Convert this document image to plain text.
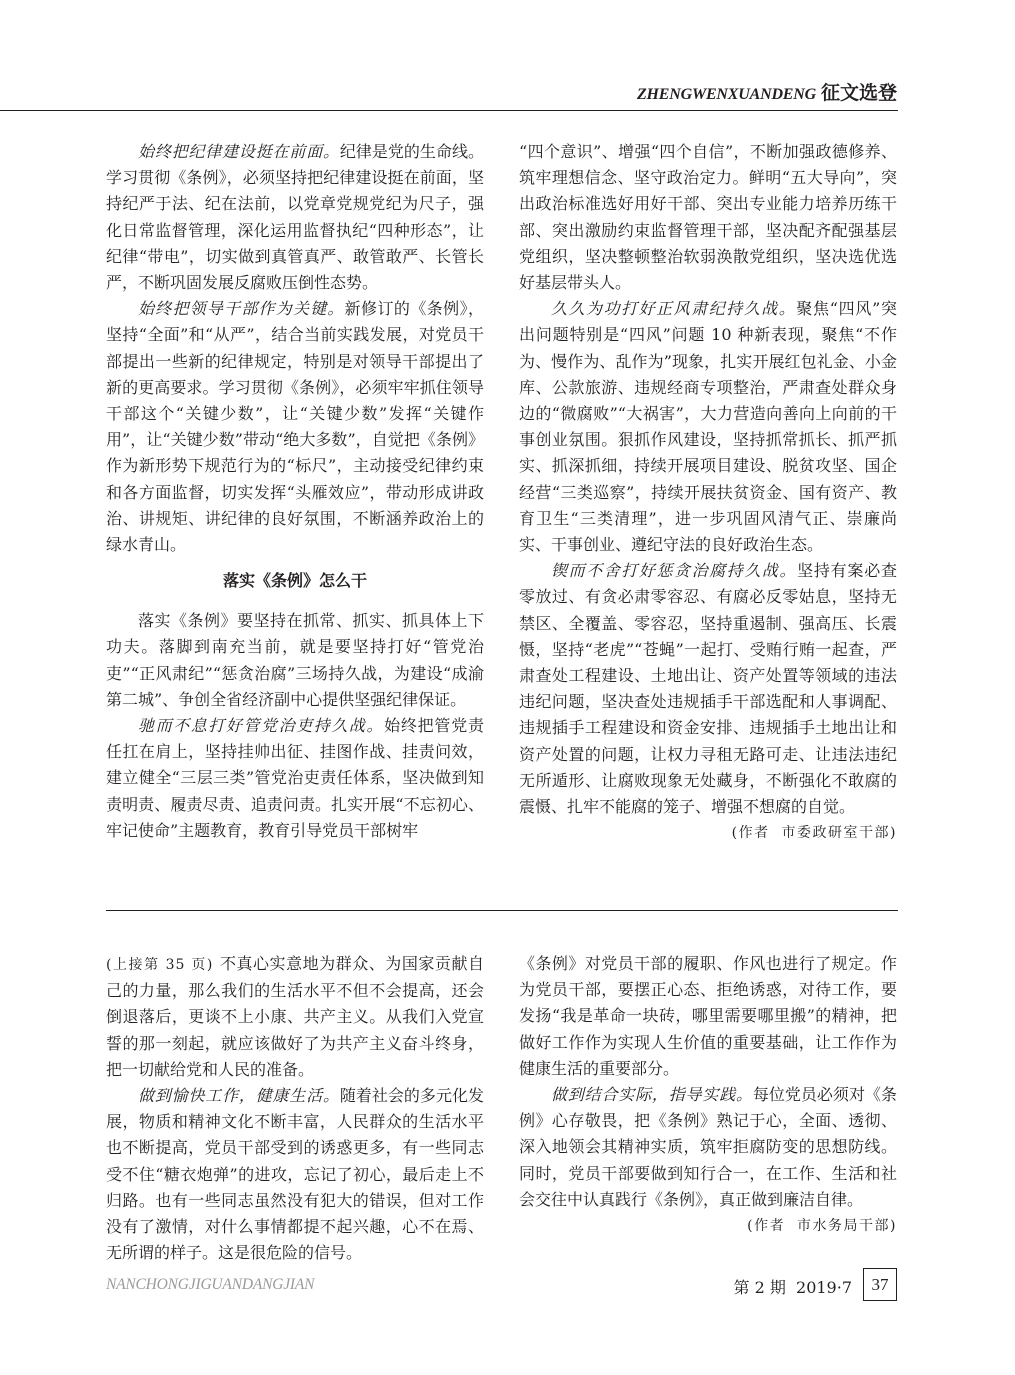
ZHENGWENXUANDENG 征文选登

始终把纪律建设挺在前面。纪律是党的生命线。学习贯彻《条例》，必须坚持把纪律建设挺在前面，坚持纪严于法、纪在法前，以党章党规党纪为尺子，强化日常监督管理，深化运用监督执纪“四种形态”，让纪律“带电”，切实做到真管真严、敢管敢严、长管长严，不断巩固发展反腐败压倒性态势。

始终把领导干部作为关键。新修订的《条例》，坚持“全面”和“从严”，结合当前实践发展，对党员干部提出一些新的纪律规定，特别是对领导干部提出了新的更高要求。学习贯彻《条例》，必须牢牢抓住领导干部这个“关键少数”，让“关键少数”发挥“关键作用”，让“关键少数”带动“绝大多数”，自觉把《条例》作为新形势下规范行为的“标尺”，主动接受纪律约束和各方面监督，切实发挥“头雁效应”，带动形成讲政治、讲规矩、讲纪律的良好氛围，不断涵养政治上的绿水青山。

落实《条例》怎么干

落实《条例》要坚持在抓常、抓实、抓具体上下功夫。落脚到南充当前，就是要坚持打好“管党治吏”“正风肃纪”“惩贪治腐”三场持久战，为建设“成渝第二城”、争创全省经济副中心提供坚强纪律保证。

驰而不息打好管党治吏持久战。始终把管党责任扛在肩上，坚持挂帅出征、挂图作战、挂责问效，建立健全“三层三类”管党治吏责任体系，坚决做到知责明责、履责尽责、追责问责。扎实开展“不忘初心、牢记使命”主题教育，教育引导党员干部树牢

“四个意识”、增强“四个自信”，不断加强政德修养、筑牢理想信念、坚守政治定力。鲜明“五大导向”，突出政治标准选好用好干部、突出专业能力培养历练干部、突出激励约束监督管理干部，坚决配齐配强基层党组织，坚决整顿整治软弱涣散党组织，坚决选优选好基层带头人。

久久为功打好正风肃纪持久战。聚焦“四风”突出问题特别是“四风”问题 10 种新表现，聚焦“不作为、慢作为、乱作为”现象，扎实开展红包礼金、小金库、公款旅游、违规经商专项整治，严肃查处群众身边的“微腐败”“大祸害”，大力营造向善向上向前的干事创业氛围。狠抓作风建设，坚持抓常抓长、抓严抓实、抓深抓细，持续开展项目建设、脱贫攻坚、国企经营“三类巡察”，持续开展扶贫资金、国有资产、教育卫生“三类清理”，进一步巩固风清气正、崇廉尚实、干事创业、遵纪守法的良好政治生态。

锲而不舍打好惩贪治腐持久战。坚持有案必查零放过、有贪必肃零容忍、有腐必反零姑息，坚持无禁区、全覆盖、零容忍，坚持重遏制、强高压、长震慑，坚持“老虎”“苍蝇”一起打、受贿行贿一起查，严肃查处工程建设、土地出让、资产处置等领域的违法违纪问题，坚决查处违规插手干部选配和人事调配、违规插手工程建设和资金安排、违规插手土地出让和资产处置的问题，让权力寻租无路可走、让违法违纪无所遁形、让腐败现象无处藏身，不断强化不敢腐的震慑、扎牢不能腐的笼子、增强不想腐的自觉。

(作者  市委政研室干部)

(上接第 35 页) 不真心实意地为群众、为国家贡献自己的力量，那么我们的生活水平不但不会提高，还会倒退落后，更谈不上小康、共产主义。从我们入党宣誓的那一刻起，就应该做好了为共产主义奋斗终身，把一切献给党和人民的准备。

做到愉快工作，健康生活。随着社会的多元化发展，物质和精神文化不断丰富，人民群众的生活水平也不断提高，党员干部受到的诱惑更多，有一些同志受不住“糖衣炮弹”的进攻，忘记了初心，最后走上不归路。也有一些同志虽然没有犯大的错误，但对工作没有了激情，对什么事情都提不起兴趣，心不在焉、无所谓的样子。这是很危险的信号。

《条例》对党员干部的履职、作风也进行了规定。作为党员干部，要摆正心态、拒绝诱惑，对待工作，要发扬“我是革命一块砖，哪里需要哪里搬”的精神，把做好工作作为实现人生价值的重要基础，让工作作为健康生活的重要部分。

做到结合实际，指导实践。每位党员必须对《条例》心存敬畏，把《条例》熟记于心，全面、透彻、深入地领会其精神实质，筑牢拒腐防变的思想防线。同时，党员干部要做到知行合一，在工作、生活和社会交往中认真践行《条例》，真正做到廉洁自律。

(作者  市水务局干部)
NANCHONGJIGUANDANGJIAN	第 2 期  2019·7	37
